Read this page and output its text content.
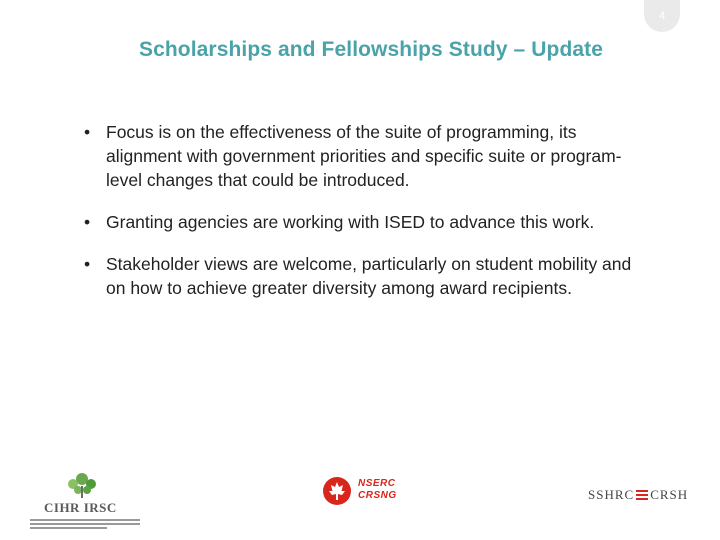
4
Scholarships and Fellowships Study – Update
• Focus is on the effectiveness of the suite of programming, its alignment with government priorities and specific suite or program-level changes that could be introduced.
• Granting agencies are working with ISED to advance this work.
• Stakeholder views are welcome, particularly on student mobility and on how to achieve greater diversity among award recipients.
CIHR IRSC
NSERC
CRSNG	SSHRC CRSH
